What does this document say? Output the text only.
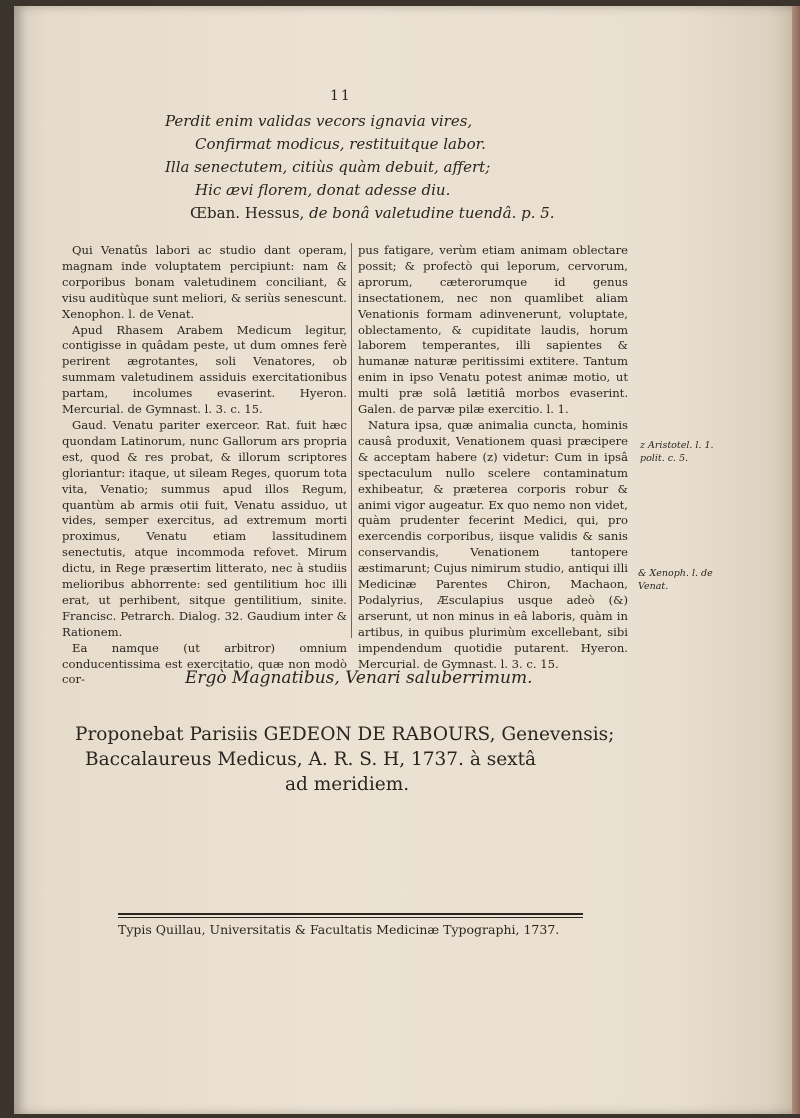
11
Perdit enim validas vecors ignavia vires,
Confirmat modicus, restituitque labor.
Illa senectutem, citiùs quàm debuit, affert;
Hic ævi florem, donat adesse diu.
Œban. Hessus, de bonâ valetudine tuendâ. p. 5.

Qui Venatûs labori ac studio dant operam, magnam inde voluptatem percipiunt: nam & corporibus bonam valetudinem conciliant, & visu auditùque sunt meliori, & seriùs senescunt. Xenophon. l. de Venat.

Apud Rhasem Arabem Medicum legitur, contigisse in quâdam peste, ut dum omnes ferè perirent ægrotantes, soli Venatores, ob summam valetudinem assiduis exercitationibus partam, incolumes evaserint. Hyeron. Mercurial. de Gymnast. l. 3. c. 15.

Gaud. Venatu pariter exerceor. Rat. fuit hæc quondam Latinorum, nunc Gallorum ars propria est, quod & res probat, & illorum scriptores gloriantur: itaque, ut sileam Reges, quorum tota vita, Venatio; summus apud illos Regum, quantùm ab armis otii fuit, Venatu assiduo, ut vides, semper exercitus, ad extremum morti proximus, Venatu etiam lassitudinem senectutis, atque incommoda refovet. Mirum dictu, in Rege præsertim litterato, nec à studiis melioribus abhorrente: sed gentilitium hoc illi erat, ut perhibent, sitque gentilitium, sinite. Francisc. Petrarch. Dialog. 32. Gaudium inter & Rationem.

Ea namque (ut arbitror) omnium conducentissima est exercitatio, quæ non modò cor-

pus fatigare, verùm etiam animam oblectare possit; & profectò qui leporum, cervorum, aprorum, cæterorumque id genus insectationem, nec non quamlibet aliam Venationis formam adinvenerunt, voluptate, oblectamento, & cupiditate laudis, horum laborem temperantes, illi sapientes & humanæ naturæ peritissimi extitere. Tantum enim in ipso Venatu potest animæ motio, ut multi præ solâ lætitiâ morbos evaserint. Galen. de parvæ pilæ exercitio. l. 1.

Natura ipsa, quæ animalia cuncta, hominis causâ produxit, Venationem quasi præcipere & acceptam habere (z) videtur: Cum in ipsâ spectaculum nullo scelere contaminatum exhibeatur, & prætereа corporis robur & animi vigor augeatur. Ex quo nemo non videt, quàm prudenter fecerint Medici, qui, pro exercendis corporibus, iisque validis & sanis conservandis, Venationem tantopere æstimarunt; Cujus nimirum studio, antiqui illi Medicinæ Parentes Chiron, Machaon, Podalyrius, Æsculapius usque adeò (&) arserunt, ut non minus in eâ laboris, quàm in artibus, in quibus plurimùm excellebant, sibi impendendum quotidie putarent. Hyeron. Mercurial. de Gymnast. l. 3. c. 15.

z Aristotel. l. 1. polit. c. 5.
& Xenoph. l. de Venat.
Ergò Magnatibus, Venari saluberrimum.
Proponebat Parisiis GEDEON DE RABOURS, Genevensis;
Baccalaureus Medicus, A. R. S. H, 1737. à sextâ
ad meridiem.
Typis Quillau, Universitatis & Facultatis Medicinæ Typographi, 1737.
